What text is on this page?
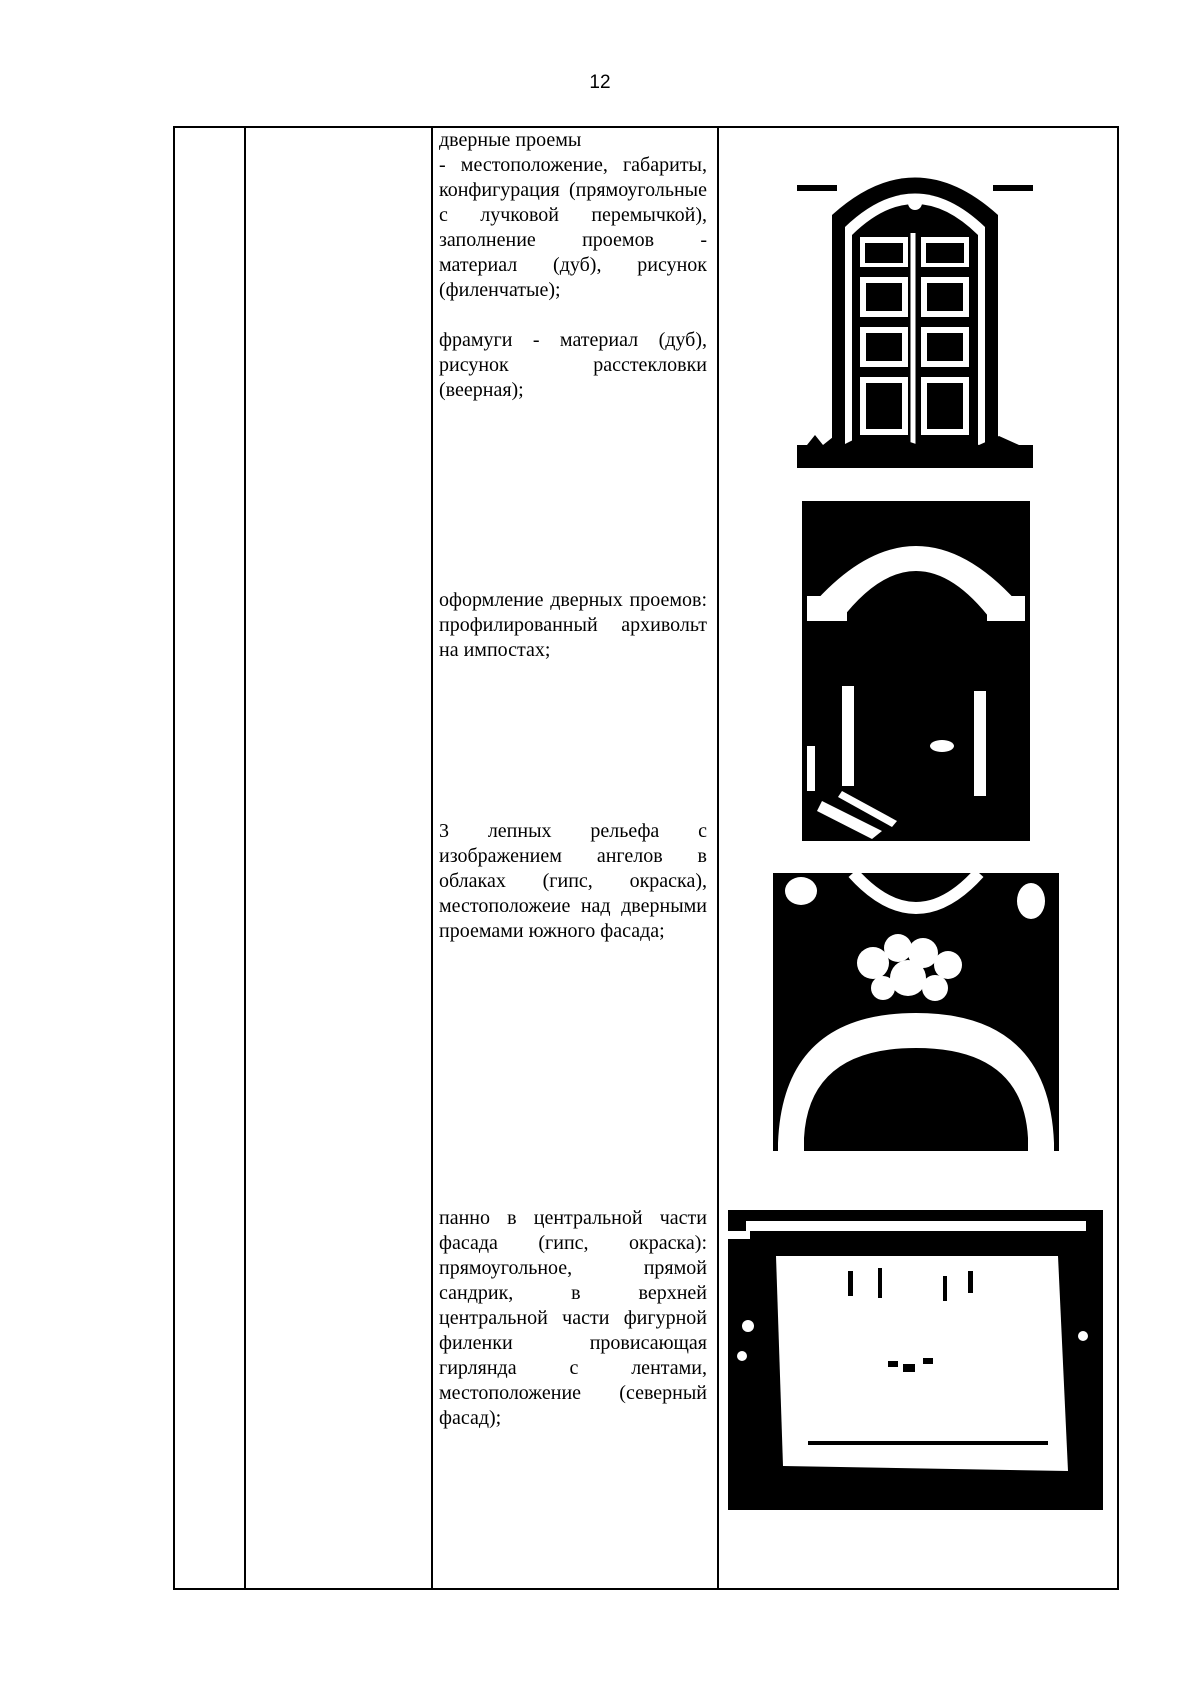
12

дверные проемы

- местоположение, габариты, конфигурация (прямоугольные с лучковой перемычкой), заполнение проемов - материал (дуб), рисунок (филенчатые);

фрамуги - материал (дуб), рисунок расстекловки (веерная);

оформление дверных проемов: профилированный архивольт на импостах;
3 лепных рельефа с изображением ангелов в облаках (гипс, окраска), местоположеие над дверными проемами южного фасада;
панно в центральной части фасада (гипс, окраска): прямоугольное, прямой сандрик, в верхней центральной части фигурной филенки провисающая гирлянда с лентами, местоположение (северный фасад);
